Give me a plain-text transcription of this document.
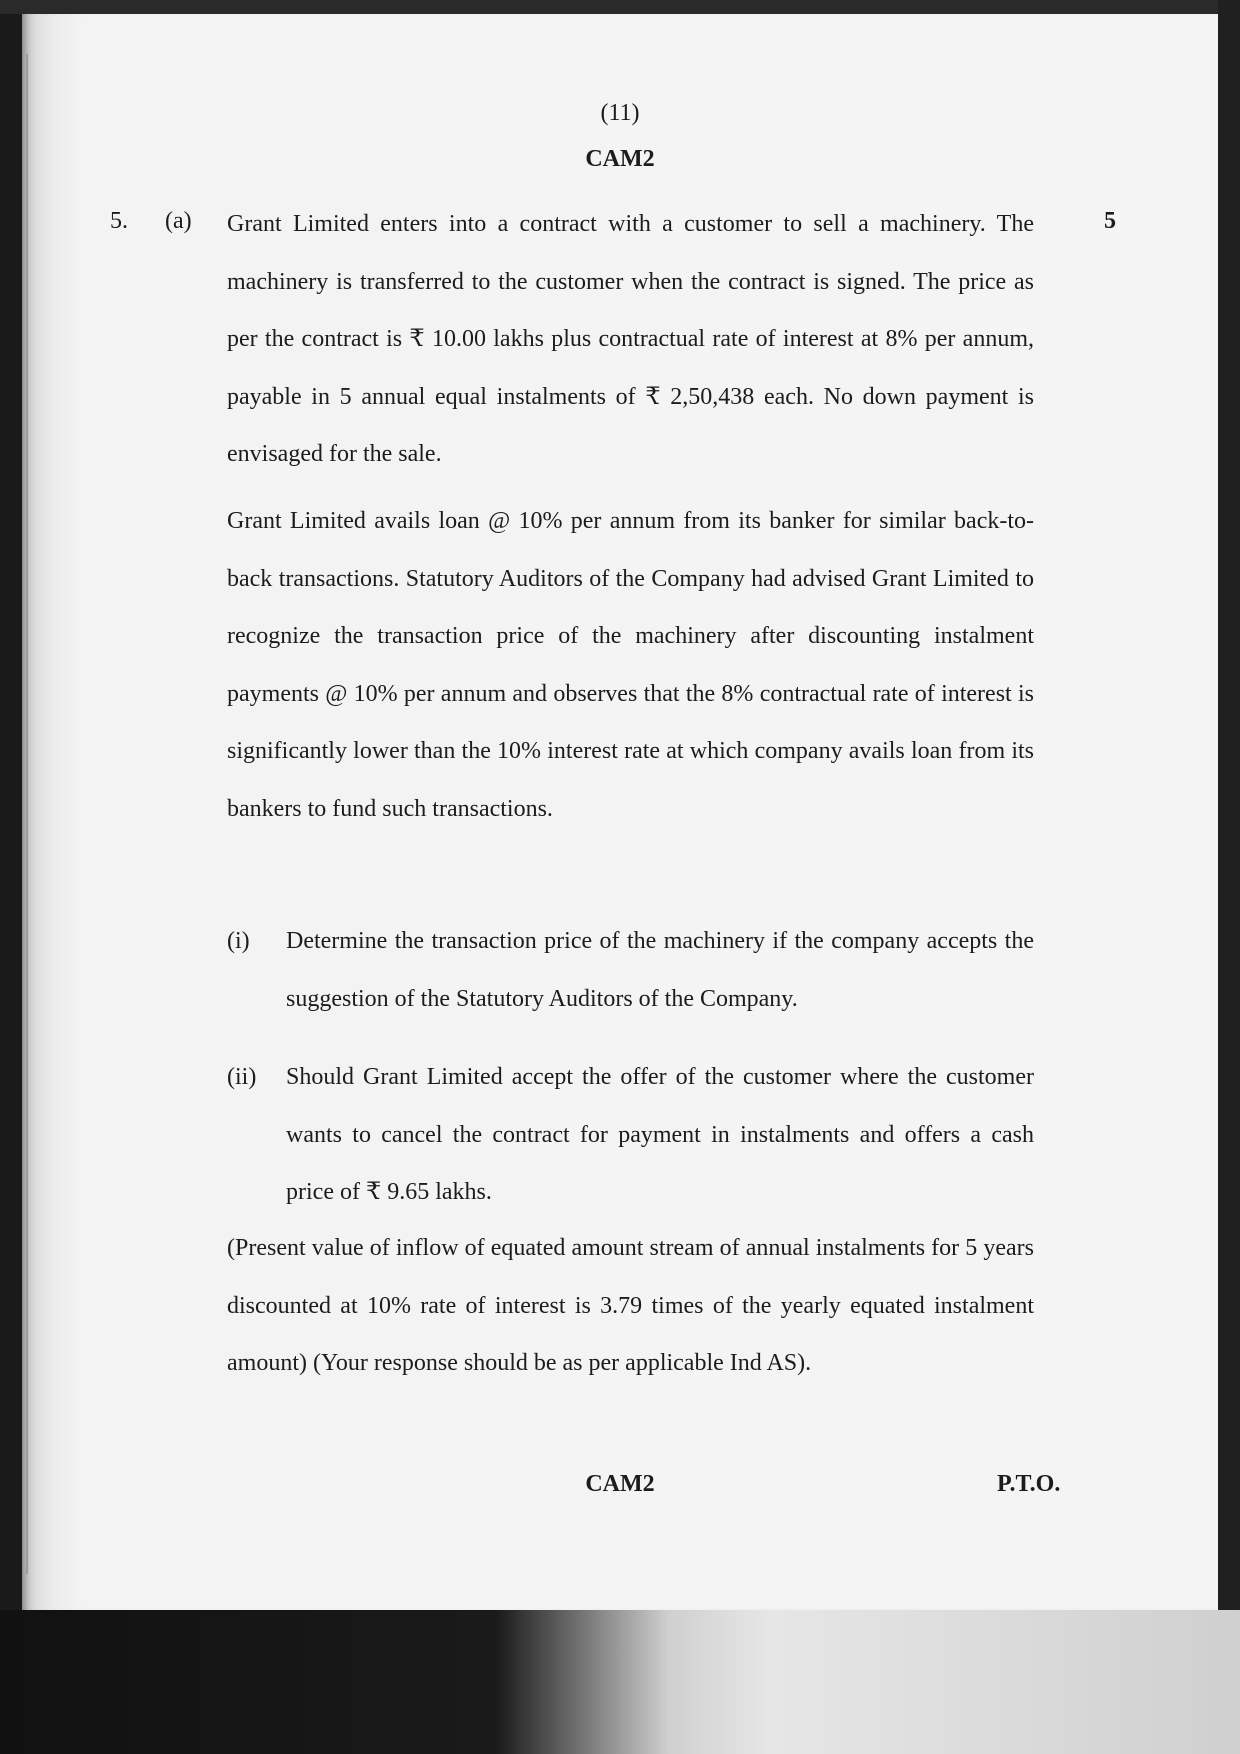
(11)
CAM2
5. (a)	5

Grant Limited enters into a contract with a customer to sell a machinery. The machinery is transferred to the customer when the contract is signed. The price as per the contract is ₹ 10.00 lakhs plus contractual rate of interest at 8% per annum, payable in 5 annual equal instalments of ₹ 2,50,438 each. No down payment is envisaged for the sale.

Grant Limited avails loan @ 10% per annum from its banker for similar back-to-back transactions. Statutory Auditors of the Company had advised Grant Limited to recognize the transaction price of the machinery after discounting instalment payments @ 10% per annum and observes that the 8% contractual rate of interest is significantly lower than the 10% interest rate at which company avails loan from its bankers to fund such transactions.

(i) Determine the transaction price of the machinery if the company accepts the suggestion of the Statutory Auditors of the Company.

(ii) Should Grant Limited accept the offer of the customer where the customer wants to cancel the contract for payment in instalments and offers a cash price of ₹ 9.65 lakhs.

(Present value of inflow of equated amount stream of annual instalments for 5 years discounted at 10% rate of interest is 3.79 times of the yearly equated instalment amount) (Your response should be as per applicable Ind AS).

CAM2	P.T.O.
